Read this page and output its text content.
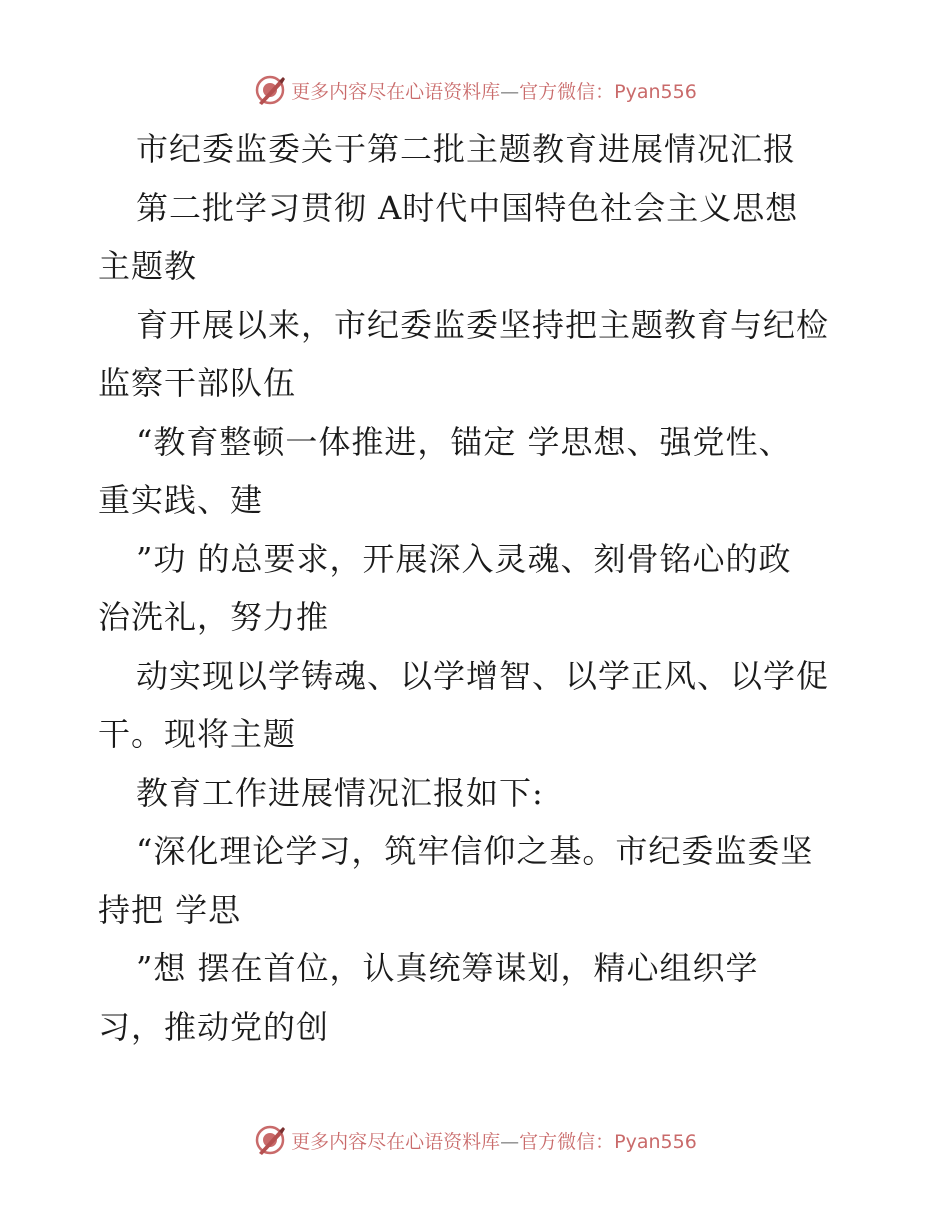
更多内容尽在心语资料库—官方微信：Pyan556
市纪委监委关于第二批主题教育进展情况汇报
第二批学习贯彻 A时代中国特色社会主义思想
主题教
育开展以来，市纪委监委坚持把主题教育与纪检
监察干部队伍
“教育整顿一体推进，锚定 学思想、强党性、
重实践、建
”功 的总要求，开展深入灵魂、刻骨铭心的政
治洗礼，努力推
动实现以学铸魂、以学增智、以学正风、以学促
干。现将主题
教育工作进展情况汇报如下:
“深化理论学习，筑牢信仰之基。市纪委监委坚
持把 学思
”想 摆在首位，认真统筹谋划，精心组织学
习，推动党的创
更多内容尽在心语资料库—官方微信：Pyan556
